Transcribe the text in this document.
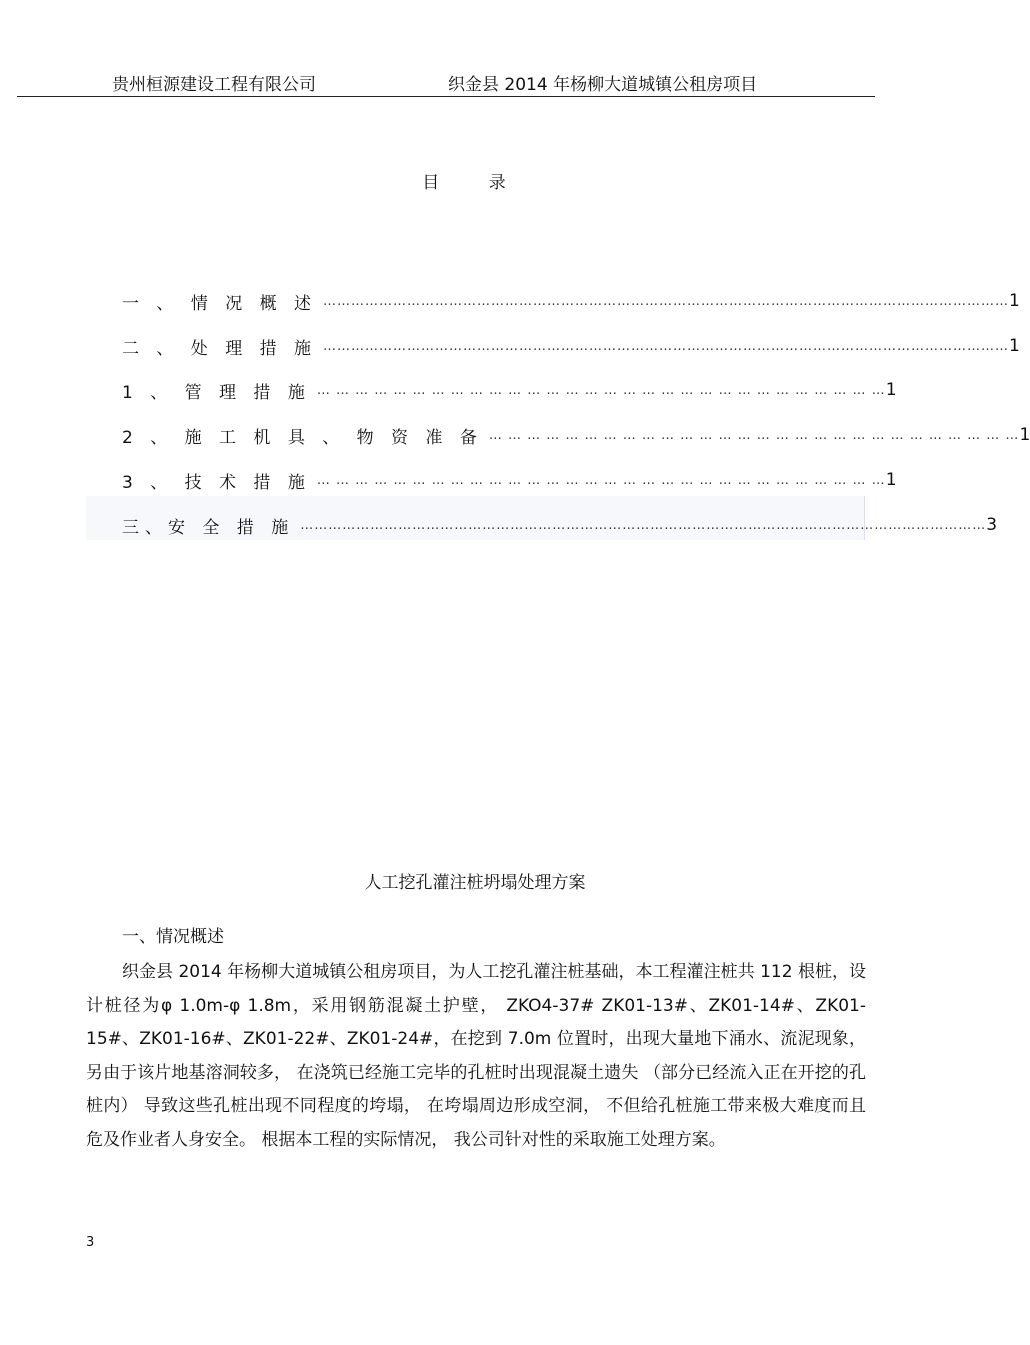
贵州桓源建设工程有限公司	织金县 2014 年杨柳大道城镇公租房项目
目 录
一 、 情 况 概 述 ………………………………………………………………………………………………………………………………… 1
二 、 处 理 措 施 ………………………………………………………………………………………………………………………………… 1
1 、 管 理 措 施 … … … … … … … … … … … … … … … … … … … … … … … … … … … … … … 1
2 、 施 工 机 具 、 物 资 准 备 … … … … … … … … … … … … … … … … … … … … … … … … … … … … 1
3 、 技 术 措 施 … … … … … … … … … … … … … … … … … … … … … … … … … … … … … … 1
三、安 全 措 施 ………………………………………………………………………………………………………………………………… 3
人工挖孔灌注桩坍塌处理方案
一、情况概述
织金县 2014 年杨柳大道城镇公租房项目，为人工挖孔灌注桩基础，本工程灌注桩共 112 根桩，设计桩径为φ 1.0m-φ 1.8m，采用钢筋混凝土护壁， ZKO4-37# ZK01-13#、ZK01-14#、ZK01-15#、ZK01-16#、ZK01-22#、ZK01-24#，在挖到 7.0m 位置时，出现大量地下涌水、流泥现象，另由于该片地基溶洞较多， 在浇筑已经施工完毕的孔桩时出现混凝土遗失 （部分已经流入正在开挖的孔桩内） 导致这些孔桩出现不同程度的垮塌， 在垮塌周边形成空洞， 不但给孔桩施工带来极大难度而且危及作业者人身安全。 根据本工程的实际情况， 我公司针对性的采取施工处理方案。
3
